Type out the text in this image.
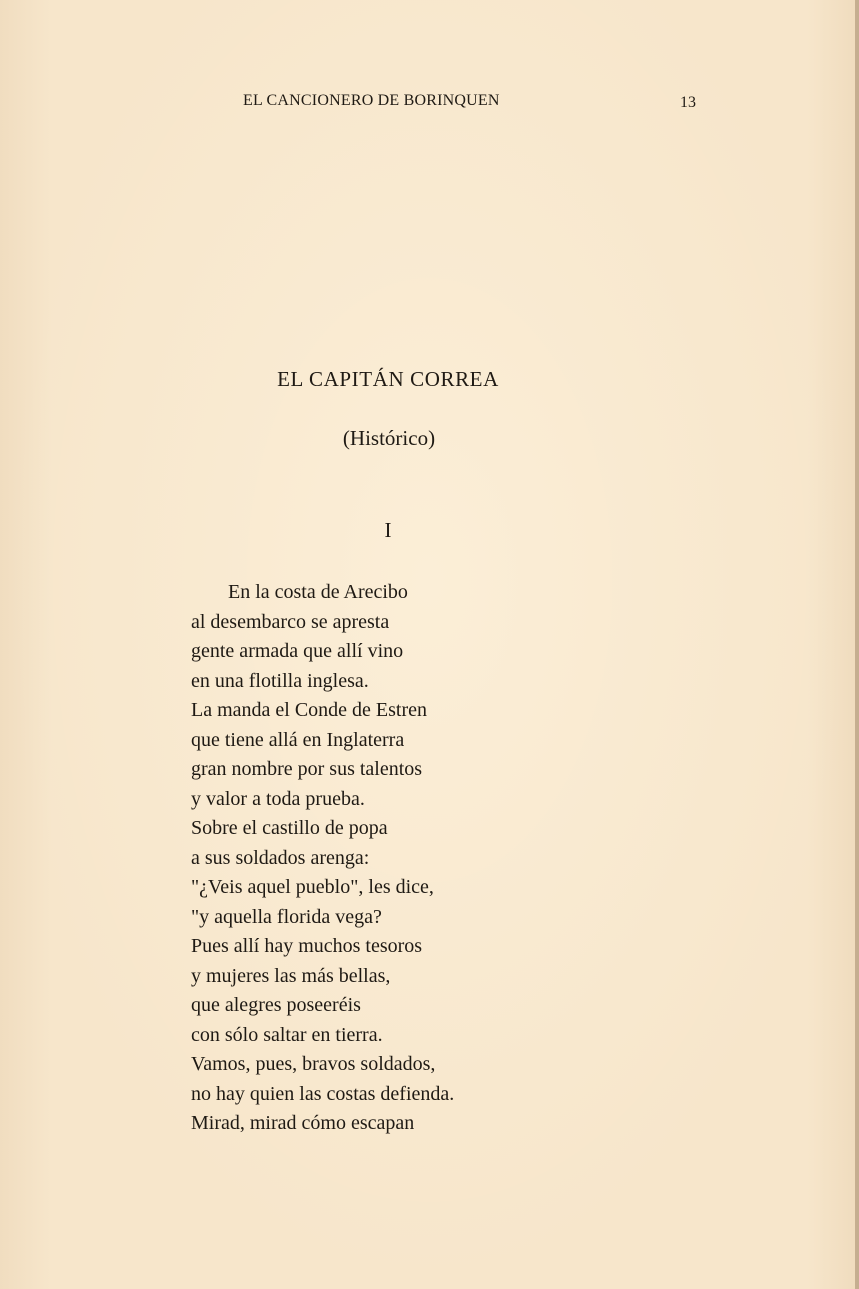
EL CANCIONERO DE BORINQUEN	13
EL CAPITÁN CORREA
(Histórico)
I
En la costa de Arecibo
al desembarco se apresta
gente armada que allí vino
en una flotilla inglesa.
La manda el Conde de Estren
que tiene allá en Inglaterra
gran nombre por sus talentos
y valor a toda prueba.
Sobre el castillo de popa
a sus soldados arenga:
"¿Veis aquel pueblo", les dice,
"y aquella florida vega?
Pues allí hay muchos tesoros
y mujeres las más bellas,
que alegres poseeréis
con sólo saltar en tierra.
Vamos, pues, bravos soldados,
no hay quien las costas defienda.
Mirad, mirad cómo escapan
